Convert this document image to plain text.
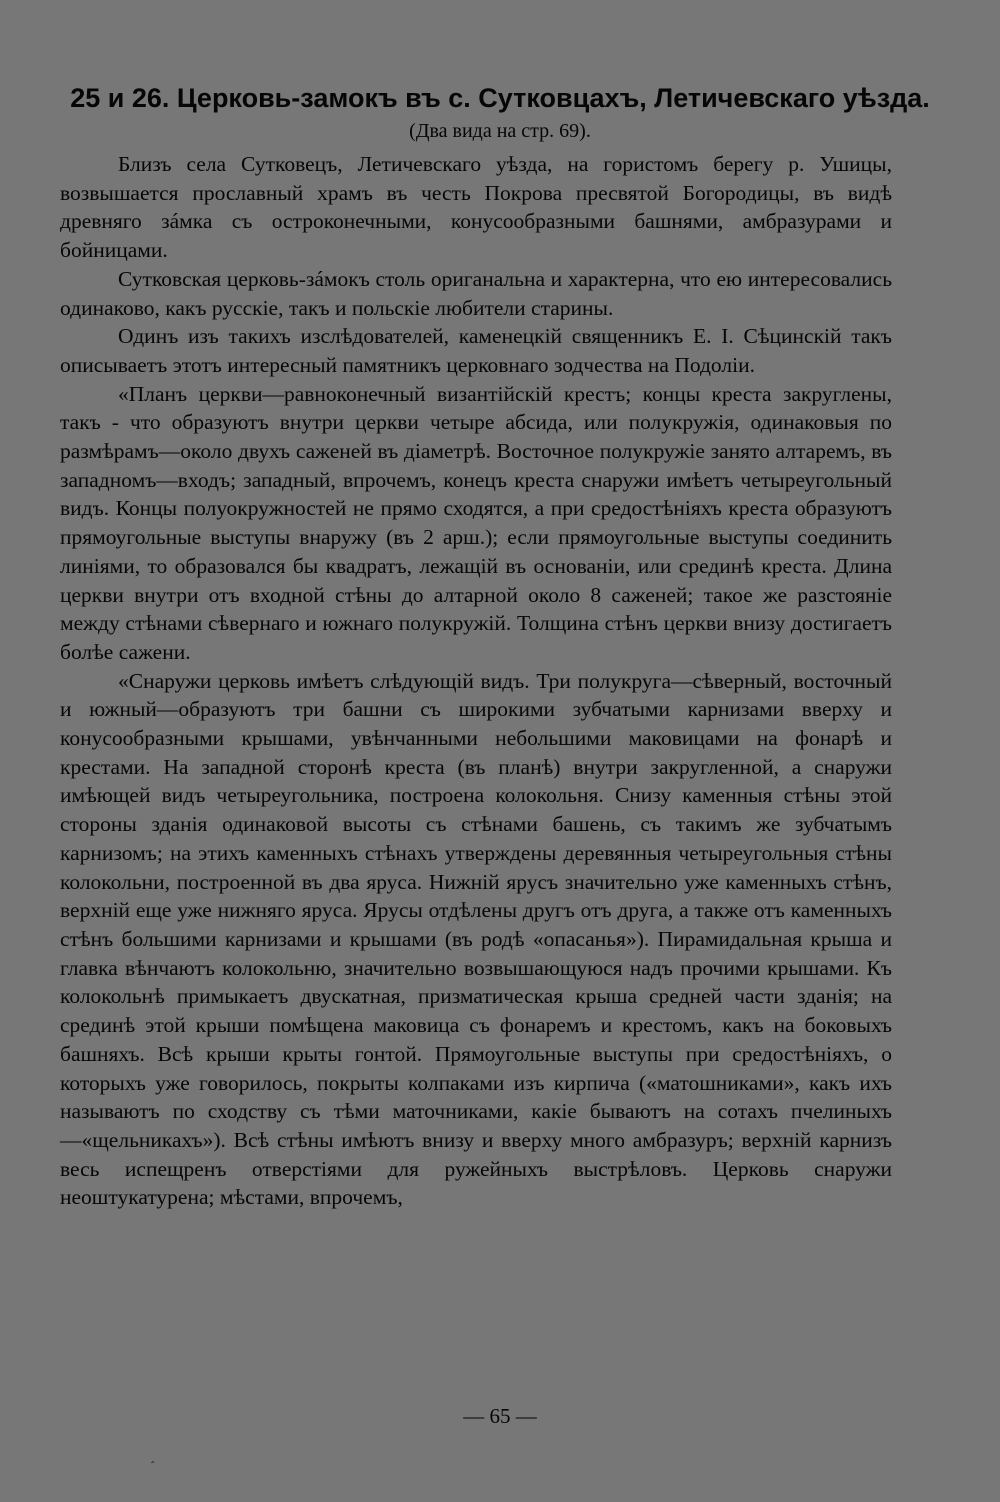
25 и 26. Церковь-замокъ въ с. Сутковцахъ, Летичевскаго уѣзда.
(Два вида на стр. 69).

Близъ села Сутковецъ, Летичевскаго уѣзда, на гористомъ берегу р. Ушицы, возвышается прославный храмъ въ честь Покрова пресвятой Богородицы, въ видѣ древняго зáмка съ остроконечными, конусообразными башнями, амбразурами и бойницами.

Сутковская церковь-зáмокъ столь ориганальна и характерна, что ею интересовались одинаково, какъ русскіе, такъ и польскіе любители старины.

Одинъ изъ такихъ изслѣдователей, каменецкій священникъ Е. І. Сѣцинскій такъ описываетъ этотъ интересный памятникъ церковнаго зодчества на Подоліи.

«Планъ церкви—равноконечный византійскій крестъ; концы креста закруглены, такъ - что образуютъ внутри церкви четыре абсида, или полукружія, одинаковыя по размѣрамъ—около двухъ саженей въ діаметрѣ. Восточное полукружіе занято алтаремъ, въ западномъ—входъ; западный, впрочемъ, конецъ креста снаружи имѣетъ четыреугольный видъ. Концы полуокружностей не прямо сходятся, а при средостѣніяхъ креста образуютъ прямоугольные выступы внаружу (въ 2 арш.); если прямоугольные выступы соединить линіями, то образовался бы квадратъ, лежащій въ основаніи, или срединѣ креста. Длина церкви внутри отъ входной стѣны до алтарной около 8 саженей; такое же разстояніе между стѣнами сѣвернаго и южнаго полукружій. Толщина стѣнъ церкви внизу достигаетъ болѣе сажени.

«Снаружи церковь имѣетъ слѣдующій видъ. Три полукруга—сѣверный, восточный и южный—образуютъ три башни съ широкими зубчатыми карнизами вверху и конусообразными крышами, увѣнчанными небольшими маковицами на фонарѣ и крестами. На западной сторонѣ креста (въ планѣ) внутри закругленной, а снаружи имѣющей видъ четыреугольника, построена колокольня. Снизу каменныя стѣны этой стороны зданія одинаковой высоты съ стѣнами башень, съ такимъ же зубчатымъ карнизомъ; на этихъ каменныхъ стѣнахъ утверждены деревянныя четыреугольныя стѣны колокольни, построенной въ два яруса. Нижній ярусъ значительно уже каменныхъ стѣнъ, верхній еще уже нижняго яруса. Ярусы отдѣлены другъ отъ друга, а также отъ каменныхъ стѣнъ большими карнизами и крышами (въ родѣ «опасанья»). Пирамидальная крыша и главка вѣнчаютъ колокольню, значительно возвышающуюся надъ прочими крышами. Къ колокольнѣ примыкаетъ двускатная, призматическая крыша средней части зданія; на срединѣ этой крыши помѣщена маковица съ фонаремъ и крестомъ, какъ на боковыхъ башняхъ. Всѣ крыши крыты гонтой. Прямоугольные выступы при средостѣніяхъ, о которыхъ уже говорилось, покрыты колпаками изъ кирпича («матошниками», какъ ихъ называютъ по сходству съ тѣми маточниками, какіе бываютъ на сотахъ пчелиныхъ—«щельникахъ»). Всѣ стѣны имѣютъ внизу и вверху много амбразуръ; верхній карнизъ весь испещренъ отверстіями для ружейныхъ выстрѣловъ. Церковь снаружи неоштукатурена; мѣстами, впрочемъ,

— 65 —
ˆ
